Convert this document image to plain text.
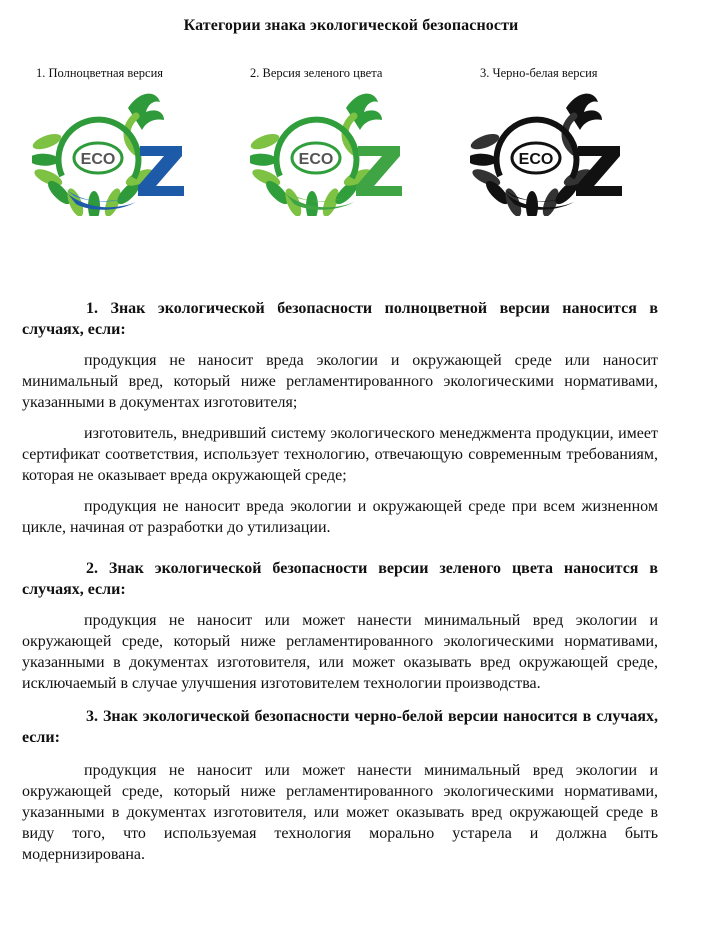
Категории знака экологической безопасности
1. Полноцветная версия
ECO
2. Версия зеленого цвета
ECO
3. Черно-белая версия
ECO
1. Знак экологической безопасности полноцветной версии наносится в случаях, если:
продукция не наносит вреда экологии и окружающей среде или наносит минимальный вред, который ниже регламентированного экологическими нормативами, указанными в документах изготовителя;
изготовитель, внедривший систему экологического менеджмента продукции, имеет сертификат соответствия, использует технологию, отвечающую современным требованиям, которая не оказывает вреда окружающей среде;
продукция не наносит вреда экологии и окружающей среде при всем жизненном цикле, начиная от разработки до утилизации.
2. Знак экологической безопасности версии зеленого цвета наносится в случаях, если:
продукция не наносит или может нанести минимальный вред экологии и окружающей среде, который ниже регламентированного экологическими нормативами, указанными в документах изготовителя, или может оказывать вред окружающей среде, исключаемый в случае улучшения изготовителем технологии производства.
3. Знак экологической безопасности черно-белой версии наносится в случаях, если:
продукция не наносит или может нанести минимальный вред экологии и окружающей среде, который ниже регламентированного экологическими нормативами, указанными в документах изготовителя, или может оказывать вред окружающей среде в виду того, что используемая технология морально устарела и должна быть модернизирована.
